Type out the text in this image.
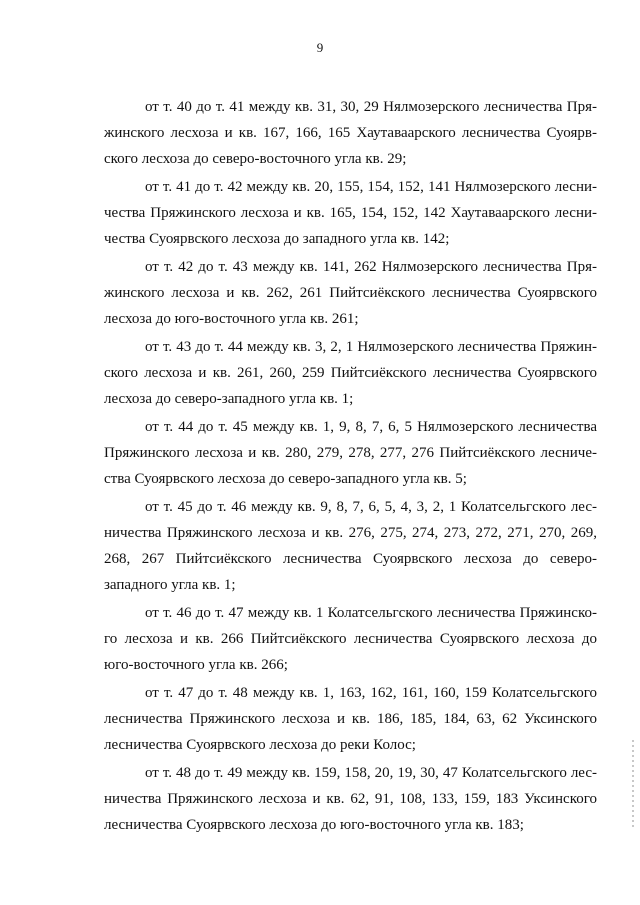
9

от т. 40 до т. 41 между кв. 31, 30, 29 Нялмозерского лесничества Пря-
жинского лесхоза и кв. 167, 166, 165 Хаутаваарского лесничества Суоярв-
ского лесхоза до северо-восточного угла кв. 29;

от т. 41 до т. 42 между кв. 20, 155, 154, 152, 141 Нялмозерского лесни-
чества Пряжинского лесхоза и кв. 165, 154, 152, 142 Хаутаваарского лесни-
чества Суоярвского лесхоза до западного угла кв. 142;

от т. 42 до т. 43 между кв. 141, 262 Нялмозерского лесничества Пря-
жинского лесхоза и кв. 262, 261 Пийтсиёкского лесничества Суоярвского
лесхоза до юго-восточного угла кв. 261;

от т. 43 до т. 44 между кв. 3, 2, 1 Нялмозерского лесничества Пряжин-
ского лесхоза и кв. 261, 260, 259 Пийтсиёкского лесничества Суоярвского
лесхоза до северо-западного угла кв. 1;

от т. 44 до т. 45 между кв. 1, 9, 8, 7, 6, 5 Нялмозерского лесничества
Пряжинского лесхоза и кв. 280, 279, 278, 277, 276 Пийтсиёкского лесниче-
ства Суоярвского лесхоза до северо-западного угла кв. 5;

от т. 45 до т. 46 между кв. 9, 8, 7, 6, 5, 4, 3, 2, 1 Колатсельгского лес-
ничества Пряжинского лесхоза и кв. 276, 275, 274, 273, 272, 271, 270, 269,
268, 267 Пийтсиёкского лесничества Суоярвского лесхоза до северо-
западного угла кв. 1;

от т. 46 до т. 47 между кв. 1 Колатсельгского лесничества Пряжинско-
го лесхоза и кв. 266 Пийтсиёкского лесничества Суоярвского лесхоза до
юго-восточного угла кв. 266;

от т. 47 до т. 48 между кв. 1, 163, 162, 161, 160, 159 Колатсельгского
лесничества Пряжинского лесхоза и кв. 186, 185, 184, 63, 62 Уксинского
лесничества Суоярвского лесхоза до реки Колос;

от т. 48 до т. 49 между кв. 159, 158, 20, 19, 30, 47 Колатсельгского лес-
ничества Пряжинского лесхоза и кв. 62, 91, 108, 133, 159, 183 Уксинского
лесничества Суоярвского лесхоза до юго-восточного угла кв. 183;
